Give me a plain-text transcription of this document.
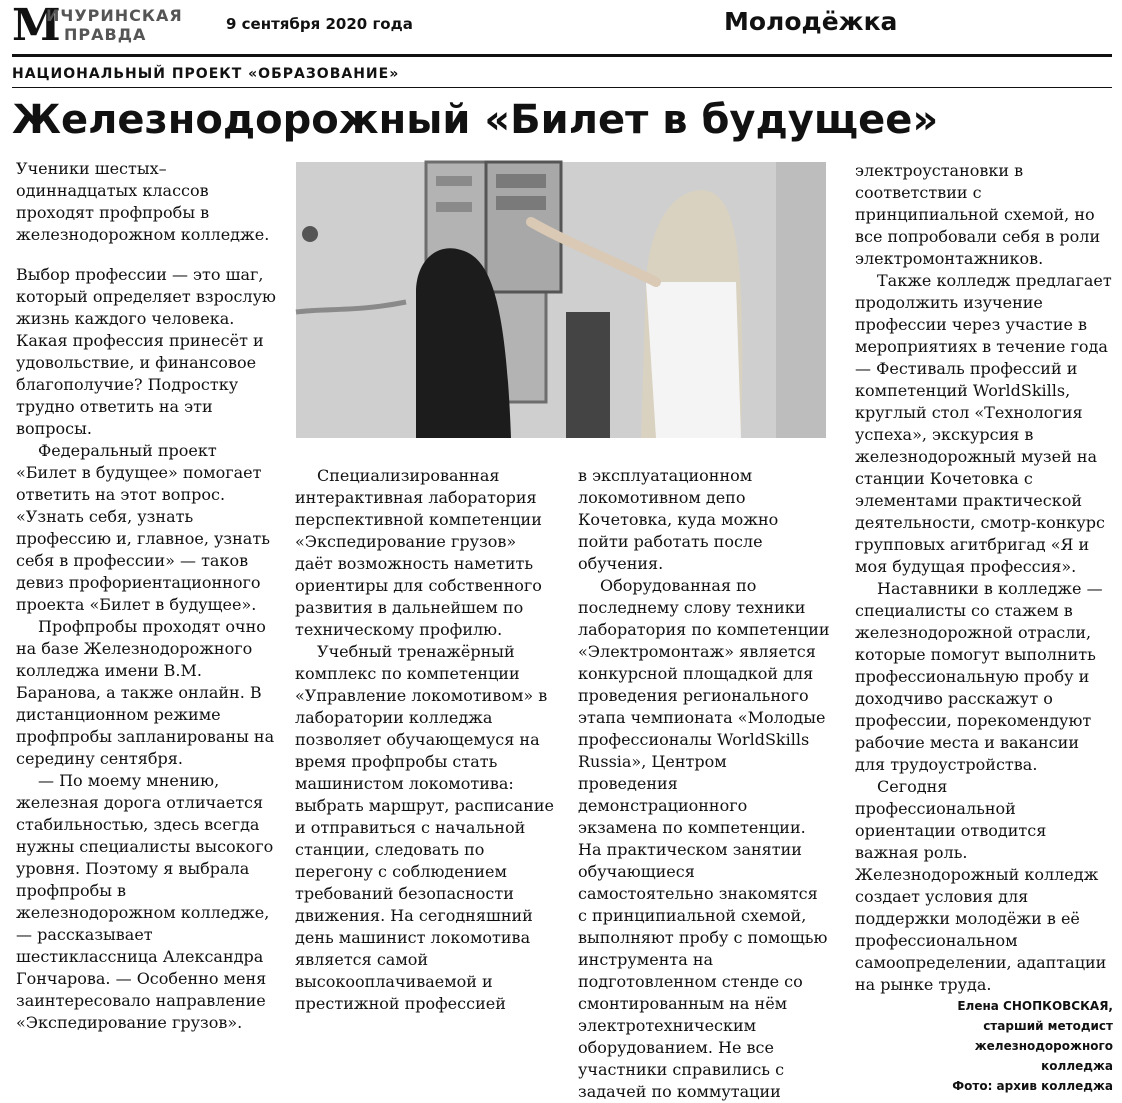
М
ИЧУРИНСКАЯ
ПРАВДА
9 сентября 2020 года	Молодёжка
НАЦИОНАЛЬНЫЙ ПРОЕКТ «ОБРАЗОВАНИЕ»
Железнодорожный «Билет в будущее»

Ученики шестых–одиннадцатых классов проходят профпробы в железнодорожном колледже.

Выбор профессии — это шаг, который определяет взрослую жизнь каждого человека. Какая профессия принесёт и удовольствие, и финансовое благополучие? Подростку трудно ответить на эти вопросы.

Федеральный проект «Билет в будущее» помогает ответить на этот вопрос. «Узнать себя, узнать профессию и, главное, узнать себя в профессии» — таков девиз профориентационного проекта «Билет в будущее».

Профпробы проходят очно на базе Железнодорожного колледжа имени В.М. Баранова, а также онлайн. В дистанционном режиме профпробы запланированы на середину сентября.

— По моему мнению, железная дорога отличается стабильностью, здесь всегда нужны специалисты высокого уровня. Поэтому я выбрала профпробы в железнодорожном колледже, — рассказывает шестиклассница Александра Гончарова. — Особенно меня заинтересовало направление «Экспедирование грузов».

Специализированная интерактивная лаборатория перспективной компетенции «Экспедирование грузов» даёт возможность наметить ориентиры для собственного развития в дальнейшем по техническому профилю.

Учебный тренажёрный комплекс по компетенции «Управление локомотивом» в лаборатории колледжа позволяет обучающемуся на время профпробы стать машинистом локомотива: выбрать маршрут, расписание и отправиться с начальной станции, следовать по перегону с соблюдением требований безопасности движения. На сегодняшний день машинист локомотива является самой высокооплачиваемой и престижной профессией

в эксплуатационном локомотивном депо Кочетовка, куда можно пойти работать после обучения.

Оборудованная по последнему слову техники лаборатория по компетенции «Электромонтаж» является конкурсной площадкой для проведения регионального этапа чемпионата «Молодые профессионалы WorldSkills Russia», Центром проведения демонстрационного экзамена по компетенции. На практическом занятии обучающиеся самостоятельно знакомятся с принципиальной схемой, выполняют пробу с помощью инструмента на подготовленном стенде со смонтированным на нём электротехническим оборудованием. Не все участники справились с задачей по коммутации

электроустановки в соответствии с принципиальной схемой, но все попробовали себя в роли электромонтажников.

Также колледж предлагает продолжить изучение профессии через участие в мероприятиях в течение года — Фестиваль профессий и компетенций WorldSkills, круглый стол «Технология успеха», экскурсия в железнодорожный музей на станции Кочетовка с элементами практической деятельности, смотр-конкурс групповых агитбригад «Я и моя будущая профессия».

Наставники в колледже — специалисты со стажем в железнодорожной отрасли, которые помогут выполнить профессиональную пробу и доходчиво расскажут о профессии, порекомендуют рабочие места и вакансии для трудоустройства.

Сегодня профессиональной ориентации отводится важная роль. Железнодорожный колледж создает условия для поддержки молодёжи в её профессиональном самоопределении, адаптации на рынке труда.

Елена СНОПКОВСКАЯ,

старший методист

железнодорожного

колледжа

Фото: архив колледжа
